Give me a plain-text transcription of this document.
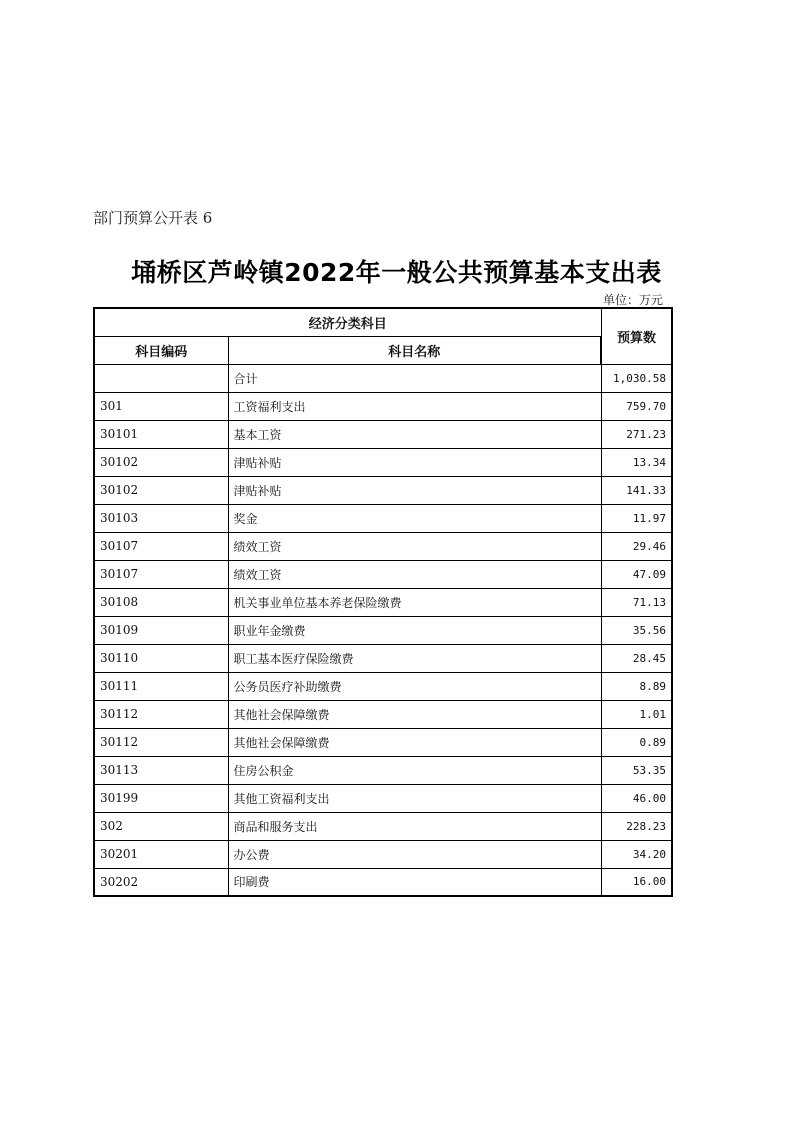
部门预算公开表 6
埇桥区芦岭镇2022年一般公共预算基本支出表
单位：万元
经济分类科目		预算数
科目编码	科目名称	
	合计	1,030.58
301	工资福利支出	759.70
30101	基本工资	271.23
30102	津贴补贴	13.34
30102	津贴补贴	141.33
30103	奖金	11.97
30107	绩效工资	29.46
30107	绩效工资	47.09
30108	机关事业单位基本养老保险缴费	71.13
30109	职业年金缴费	35.56
30110	职工基本医疗保险缴费	28.45
30111	公务员医疗补助缴费	8.89
30112	其他社会保障缴费	1.01
30112	其他社会保障缴费	0.89
30113	住房公积金	53.35
30199	其他工资福利支出	46.00
302	商品和服务支出	228.23
30201	办公费	34.20
30202	印刷费	16.00
